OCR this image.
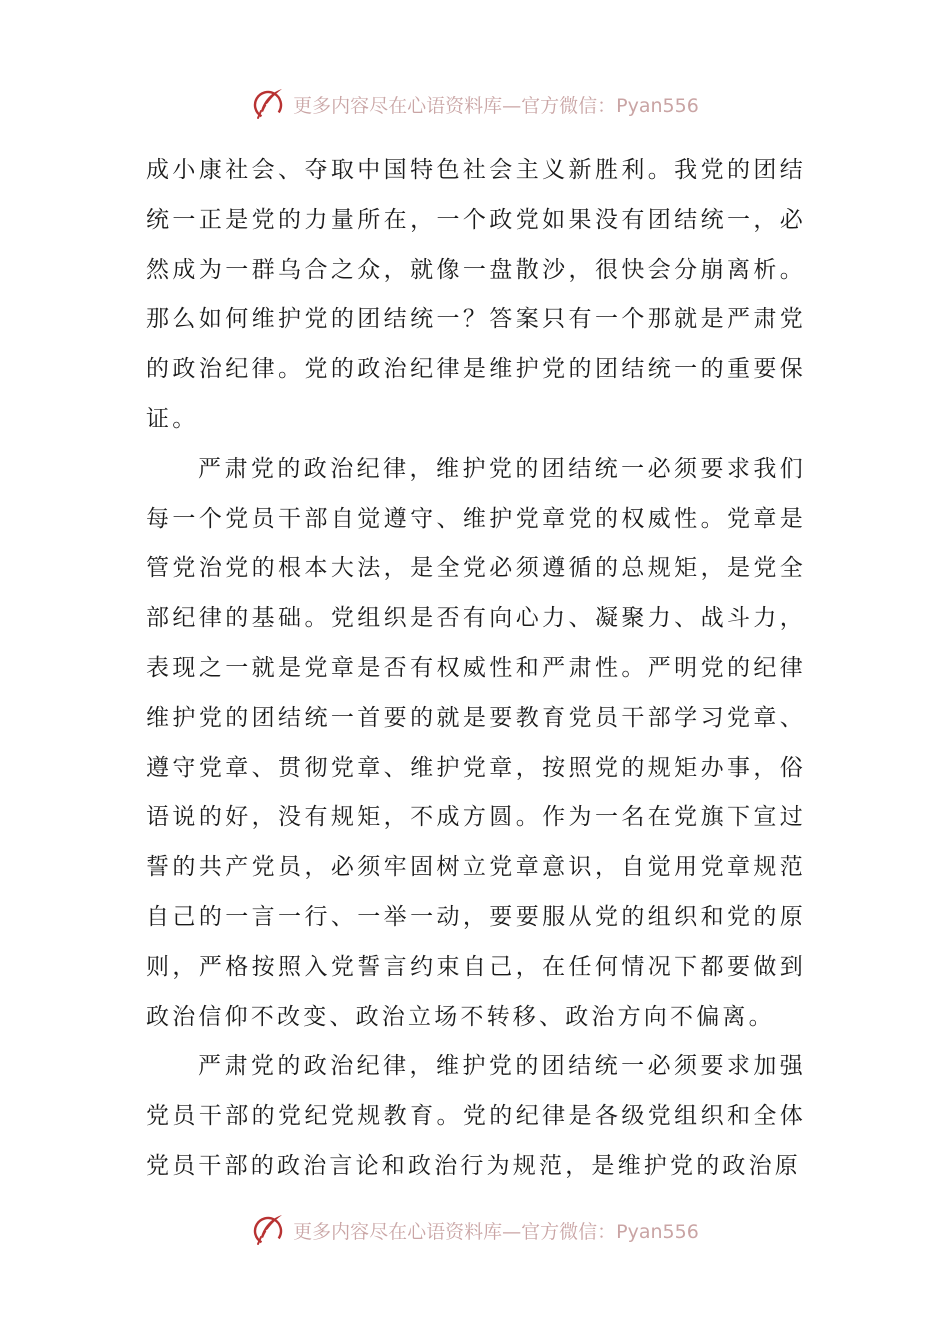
更多内容尽在心语资料库—官方微信：Pyan556

成小康社会、夺取中国特色社会主义新胜利。我党的团结统一正是党的力量所在，一个政党如果没有团结统一，必然成为一群乌合之众，就像一盘散沙，很快会分崩离析。那么如何维护党的团结统一？答案只有一个那就是严肃党的政治纪律。党的政治纪律是维护党的团结统一的重要保证。

严肃党的政治纪律，维护党的团结统一必须要求我们每一个党员干部自觉遵守、维护党章党的权威性。党章是管党治党的根本大法，是全党必须遵循的总规矩，是党全部纪律的基础。党组织是否有向心力、凝聚力、战斗力，表现之一就是党章是否有权威性和严肃性。严明党的纪律维护党的团结统一首要的就是要教育党员干部学习党章、遵守党章、贯彻党章、维护党章，按照党的规矩办事，俗语说的好，没有规矩，不成方圆。作为一名在党旗下宣过誓的共产党员，必须牢固树立党章意识，自觉用党章规范自己的一言一行、一举一动，要要服从党的组织和党的原则，严格按照入党誓言约束自己，在任何情况下都要做到政治信仰不改变、政治立场不转移、政治方向不偏离。

严肃党的政治纪律，维护党的团结统一必须要求加强党员干部的党纪党规教育。党的纪律是各级党组织和全体党员干部的政治言论和政治行为规范，是维护党的政治原

更多内容尽在心语资料库—官方微信：Pyan556
